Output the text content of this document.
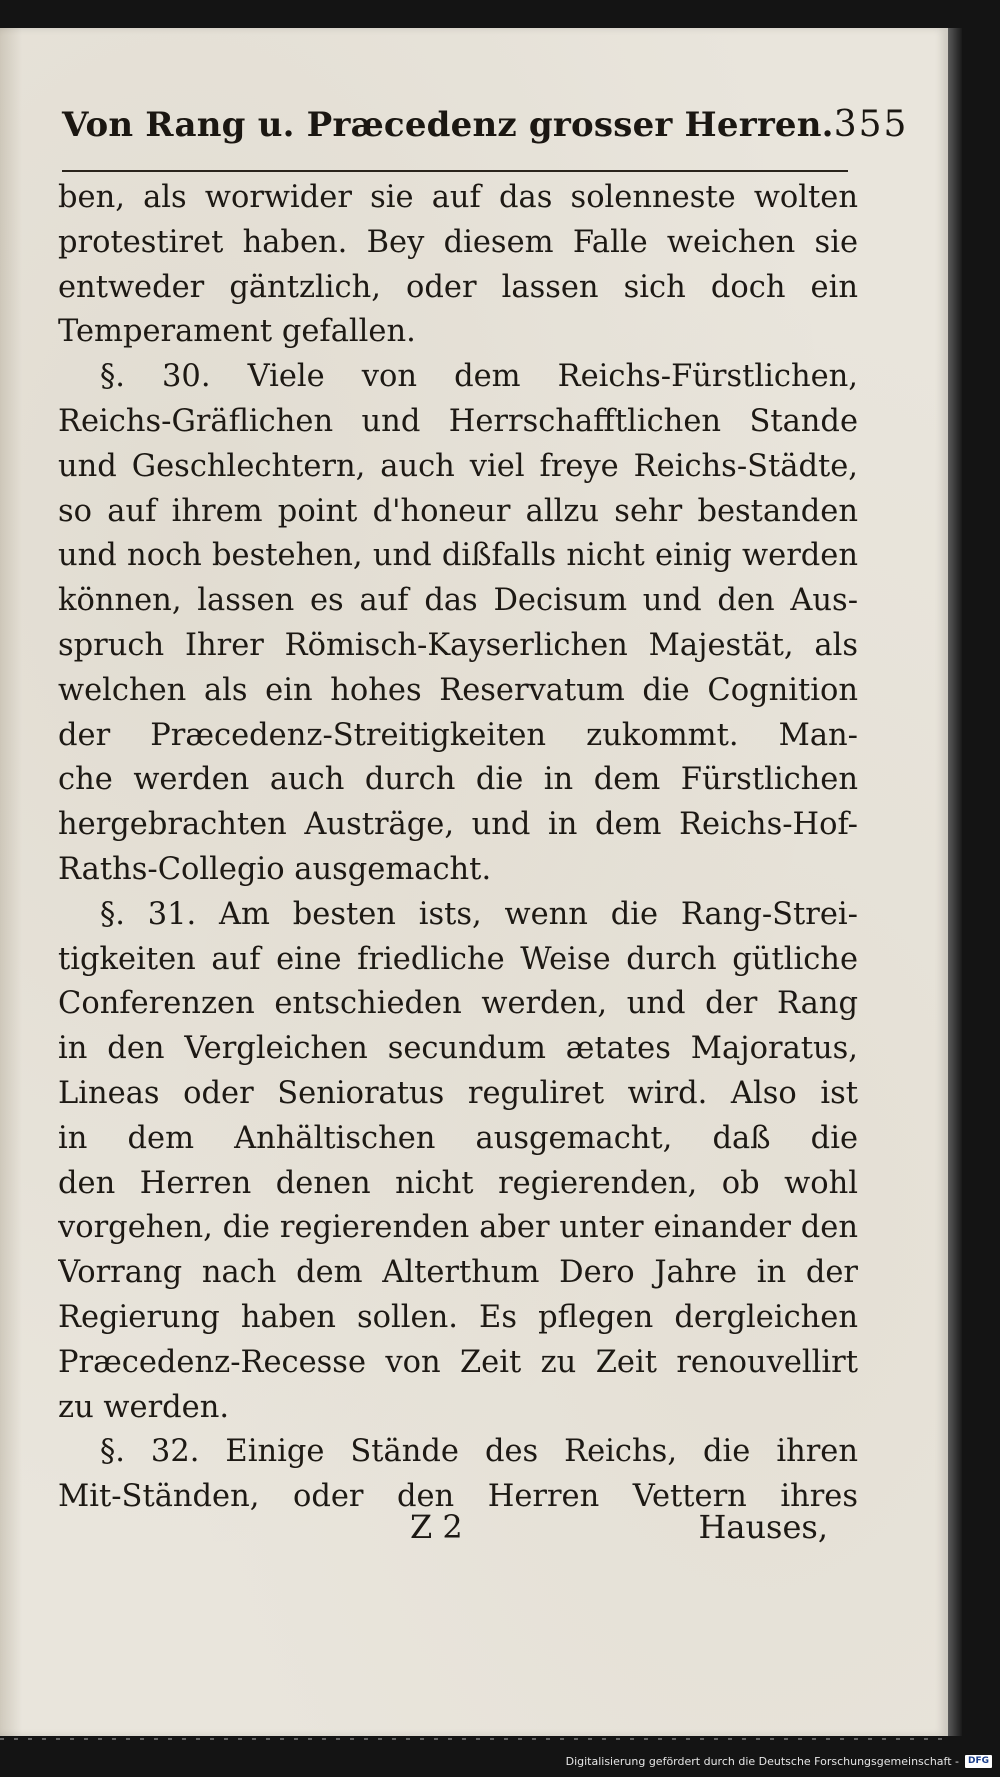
Von Rang u. Præcedenz grosser Herren. 355
ben, als worwider sie auf das solenneste wolten
protestiret haben. Bey diesem Falle weichen sie
entweder gäntzlich, oder lassen sich doch ein
Temperament gefallen.
§. 30. Viele von dem Reichs-Fürstlichen,
Reichs-Gräflichen und Herrschafftlichen Stande
und Geschlechtern, auch viel freye Reichs-Städte,
so auf ihrem point d'honeur allzu sehr bestanden
und noch bestehen, und dißfalls nicht einig werden
können, lassen es auf das Decisum und den Aus-
spruch Ihrer Römisch-Kayserlichen Majestät, als
welchen als ein hohes Reservatum die Cognition
der Præcedenz-Streitigkeiten zukommt. Man-
che werden auch durch die in dem Fürstlichen
hergebrachten Austräge, und in dem Reichs-Hof-
Raths-Collegio ausgemacht.
§. 31. Am besten ists, wenn die Rang-Strei-
tigkeiten auf eine friedliche Weise durch gütliche
Conferenzen entschieden werden, und der Rang
in den Vergleichen secundum ætates Majoratus,
Lineas oder Senioratus reguliret wird. Also ist
in dem Anhältischen ausgemacht, daß die
den Herren denen nicht regierenden, ob wohl
vorgehen, die regierenden aber unter einander den
Vorrang nach dem Alterthum Dero Jahre in der
Regierung haben sollen. Es pflegen dergleichen
Præcedenz-Recesse von Zeit zu Zeit renouvellirt
zu werden.
§. 32. Einige Stände des Reichs, die ihren
Mit-Ständen, oder den Herren Vettern ihres
Z 2	Hauses,
Digitalisierung gefördert durch die Deutsche Forschungsgemeinschaft -	DFG
